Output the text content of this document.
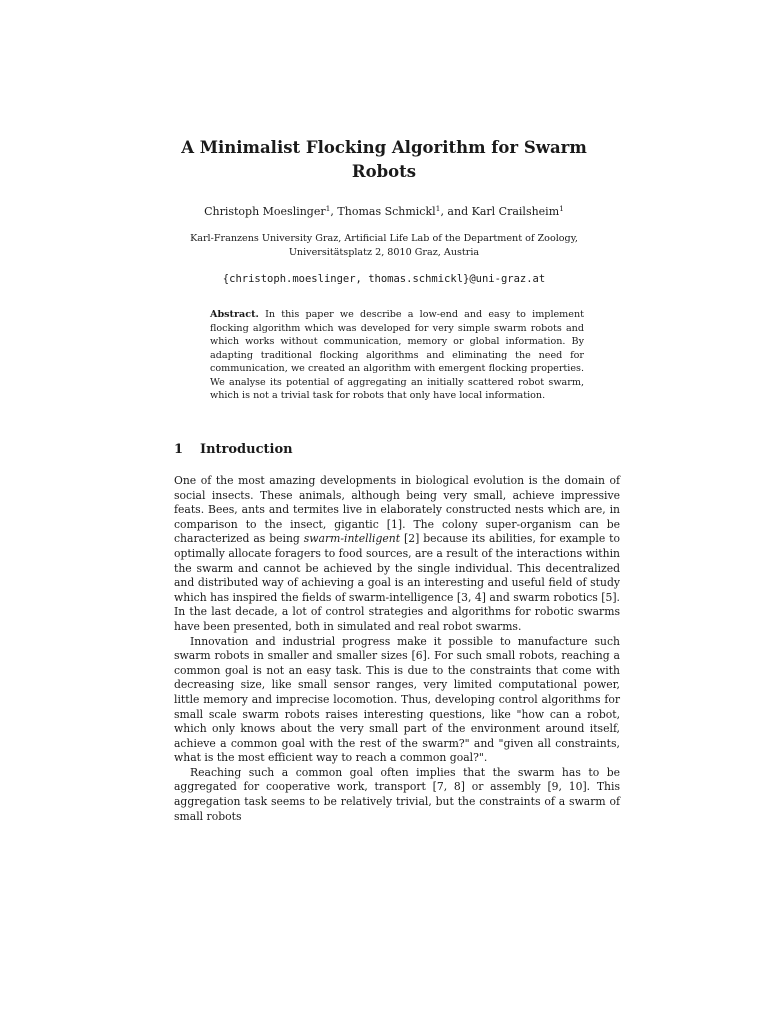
A Minimalist Flocking Algorithm for Swarm Robots
Christoph Moeslinger$^1$, Thomas Schmickl$^1$, and Karl Crailsheim$^1$
Karl-Franzens University Graz, Artificial Life Lab of the Department of Zoology,
Universitätsplatz 2, 8010 Graz, Austria
{christoph.moeslinger, thomas.schmickl}@uni-graz.at

Abstract. In this paper we describe a low-end and easy to implement flocking algorithm which was developed for very simple swarm robots and which works without communication, memory or global information. By adapting traditional flocking algorithms and eliminating the need for communication, we created an algorithm with emergent flocking properties. We analyse its potential of aggregating an initially scattered robot swarm, which is not a trivial task for robots that only have local information.

1 Introduction

One of the most amazing developments in biological evolution is the domain of social insects. These animals, although being very small, achieve impressive feats. Bees, ants and termites live in elaborately constructed nests which are, in comparison to the insect, gigantic [1]. The colony super-organism can be characterized as being swarm-intelligent [2] because its abilities, for example to optimally allocate foragers to food sources, are a result of the interactions within the swarm and cannot be achieved by the single individual. This decentralized and distributed way of achieving a goal is an interesting and useful field of study which has inspired the fields of swarm-intelligence [3, 4] and swarm robotics [5]. In the last decade, a lot of control strategies and algorithms for robotic swarms have been presented, both in simulated and real robot swarms.

Innovation and industrial progress make it possible to manufacture such swarm robots in smaller and smaller sizes [6]. For such small robots, reaching a common goal is not an easy task. This is due to the constraints that come with decreasing size, like small sensor ranges, very limited computational power, little memory and imprecise locomotion. Thus, developing control algorithms for small scale swarm robots raises interesting questions, like "how can a robot, which only knows about the very small part of the environment around itself, achieve a common goal with the rest of the swarm?" and "given all constraints, what is the most efficient way to reach a common goal?".

Reaching such a common goal often implies that the swarm has to be aggregated for cooperative work, transport [7, 8] or assembly [9, 10]. This aggregation task seems to be relatively trivial, but the constraints of a swarm of small robots
